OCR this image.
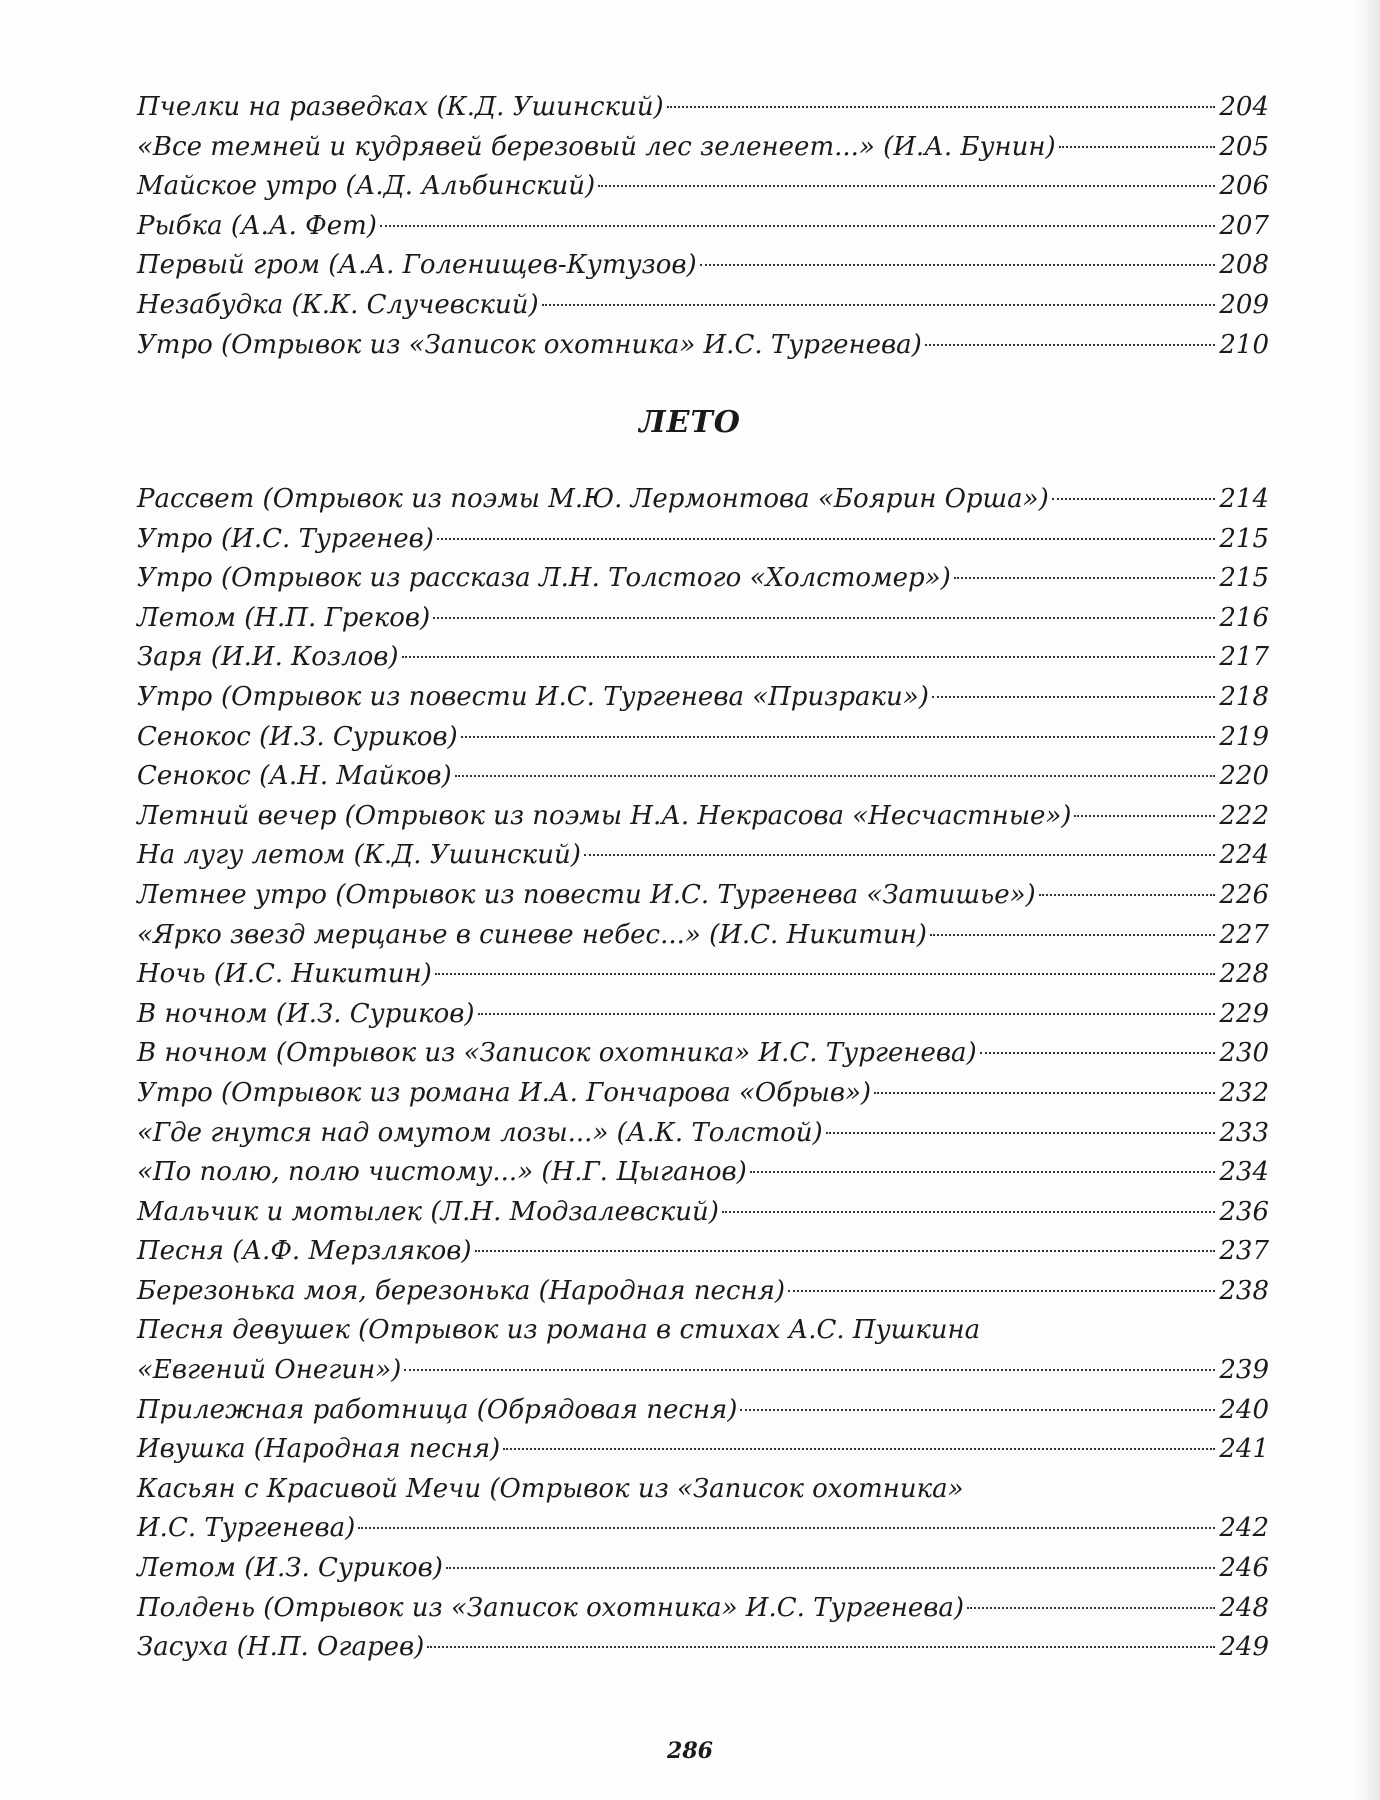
Пчелки на разведках (К.Д. Ушинский)	204
«Все темней и кудрявей березовый лес зеленеет...» (И.А. Бунин)	205
Майское утро (А.Д. Альбинский)	206
Рыбка (А.А. Фет)	207
Первый гром (А.А. Голенищев-Кутузов)	208
Незабудка (К.К. Случевский)	209
Утро (Отрывок из «Записок охотника» И.С. Тургенева)	210
ЛЕТО
Рассвет (Отрывок из поэмы М.Ю. Лермонтова «Боярин Орша»)	214
Утро (И.С. Тургенев)	215
Утро (Отрывок из рассказа Л.Н. Толстого «Холстомер»)	215
Летом (Н.П. Греков)	216
Заря (И.И. Козлов)	217
Утро (Отрывок из повести И.С. Тургенева «Призраки»)	218
Сенокос (И.З. Суриков)	219
Сенокос (А.Н. Майков)	220
Летний вечер (Отрывок из поэмы Н.А. Некрасова «Несчастные»)	222
На лугу летом (К.Д. Ушинский)	224
Летнее утро (Отрывок из повести И.С. Тургенева «Затишье»)	226
«Ярко звезд мерцанье в синеве небес...» (И.С. Никитин)	227
Ночь (И.С. Никитин)	228
В ночном (И.З. Суриков)	229
В ночном (Отрывок из «Записок охотника» И.С. Тургенева)	230
Утро (Отрывок из романа И.А. Гончарова «Обрыв»)	232
«Где гнутся над омутом лозы...» (А.К. Толстой)	233
«По полю, полю чистому...» (Н.Г. Цыганов)	234
Мальчик и мотылек (Л.Н. Модзалевский)	236
Песня (А.Ф. Мерзляков)	237
Березонька моя, березонька (Народная песня)	238
Песня девушек (Отрывок из романа в стихах А.С. Пушкина
«Евгений Онегин»)	239
Прилежная работница (Обрядовая песня)	240
Ивушка (Народная песня)	241
Касьян с Красивой Мечи (Отрывок из «Записок охотника»
И.С. Тургенева)	242
Летом (И.З. Суриков)	246
Полдень (Отрывок из «Записок охотника» И.С. Тургенева)	248
Засуха (Н.П. Огарев)	249
286
